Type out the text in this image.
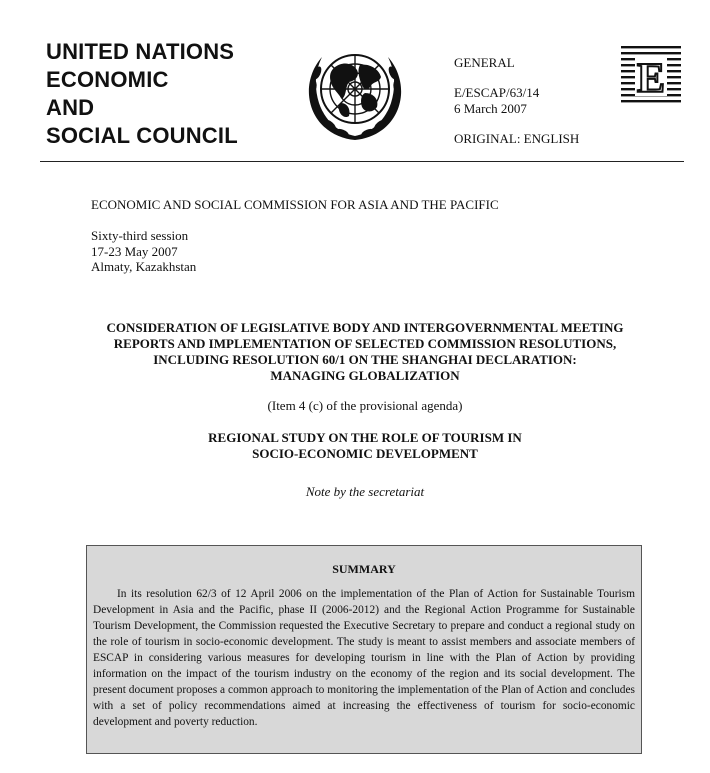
UNITED NATIONS
ECONOMIC
AND
SOCIAL COUNCIL
GENERAL
E/ESCAP/63/14
6 March 2007
ORIGINAL: ENGLISH
E
ECONOMIC AND SOCIAL COMMISSION FOR ASIA AND THE PACIFIC
Sixty-third session
17-23 May 2007
Almaty, Kazakhstan
CONSIDERATION OF LEGISLATIVE BODY AND INTERGOVERNMENTAL MEETING
REPORTS AND IMPLEMENTATION OF SELECTED COMMISSION RESOLUTIONS,
INCLUDING RESOLUTION 60/1 ON THE SHANGHAI DECLARATION:
MANAGING GLOBALIZATION
(Item 4 (c) of the provisional agenda)
REGIONAL STUDY ON THE ROLE OF TOURISM IN
SOCIO-ECONOMIC DEVELOPMENT
Note by the secretariat
SUMMARY

In its resolution 62/3 of 12 April 2006 on the implementation of the Plan of Action for Sustainable Tourism Development in Asia and the Pacific, phase II (2006-2012) and the Regional Action Programme for Sustainable Tourism Development, the Commission requested the Executive Secretary to prepare and conduct a regional study on the role of tourism in socio-economic development. The study is meant to assist members and associate members of ESCAP in considering various measures for developing tourism in line with the Plan of Action by providing information on the impact of the tourism industry on the economy of the region and its social development. The present document proposes a common approach to monitoring the implementation of the Plan of Action and concludes with a set of policy recommendations aimed at increasing the effectiveness of tourism for socio-economic development and poverty reduction.
